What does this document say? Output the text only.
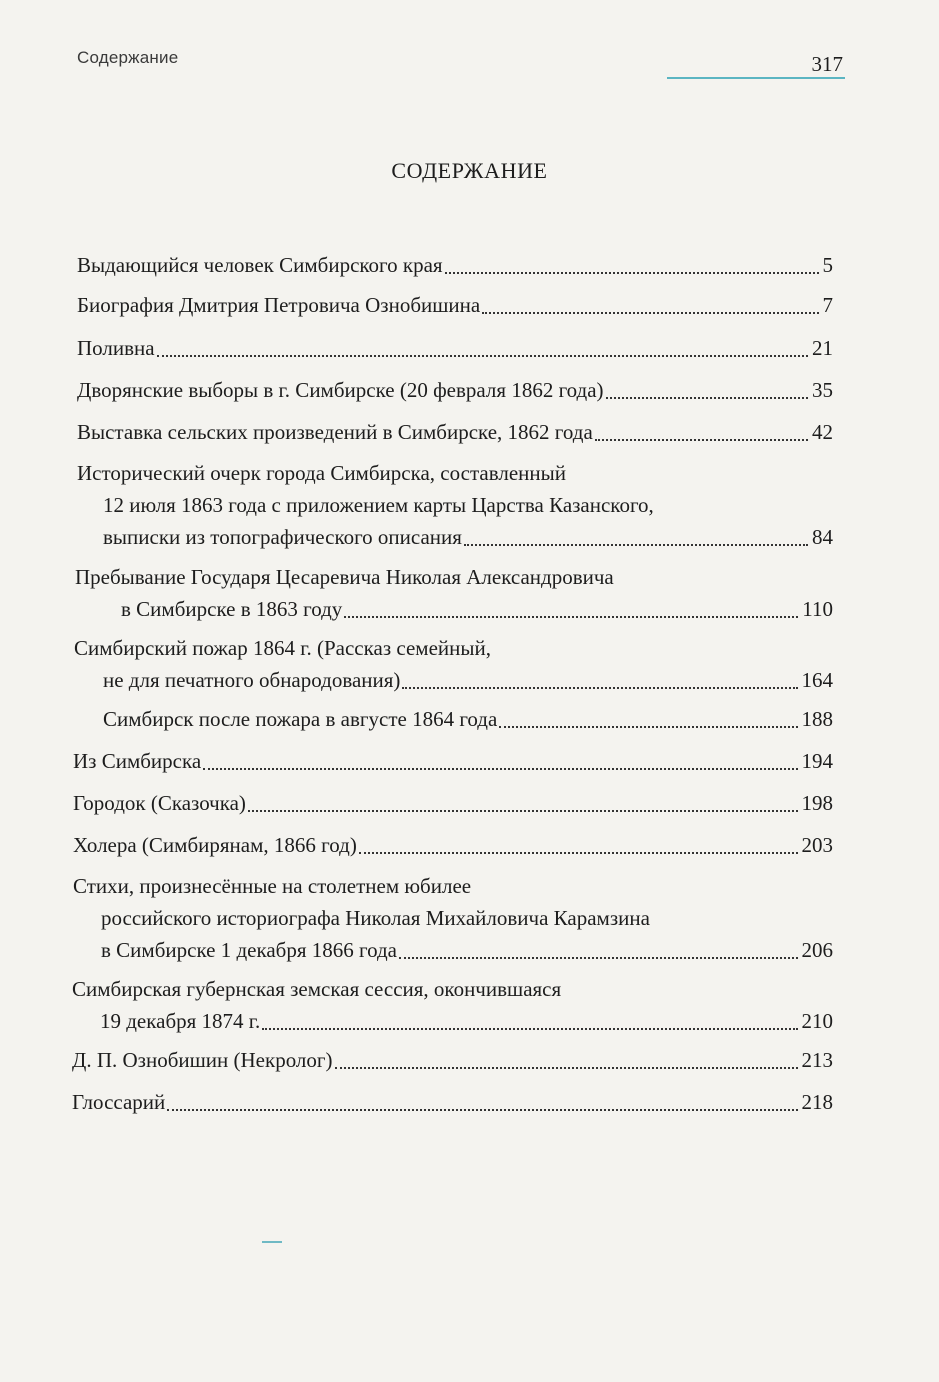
Содержание	317
СОДЕРЖАНИЕ
Выдающийся человек Симбирского края	5
Биография Дмитрия Петровича Ознобишина	7
Поливна	21
Дворянские выборы в г. Симбирске (20 февраля 1862 года)	35
Выставка сельских произведений в Симбирске, 1862 года	42
Исторический очерк города Симбирска, составленный
12 июля 1863 года с приложением карты Царства Казанского,
выписки из топографического описания	84
Пребывание Государя Цесаревича Николая Александровича
в Симбирске в 1863 году	110
Симбирский пожар 1864 г. (Рассказ семейный,
не для печатного обнародования)	164
Симбирск после пожара в августе 1864 года	188
Из Симбирска	194
Городок (Сказочка)	198
Холера (Симбирянам, 1866 год)	203
Стихи, произнесённые на столетнем юбилее
российского историографа Николая Михайловича Карамзина
в Симбирске 1 декабря 1866 года	206
Симбирская губернская земская сессия, окончившаяся
19 декабря 1874 г.	210
Д. П. Ознобишин (Некролог)	213
Глоссарий	218
